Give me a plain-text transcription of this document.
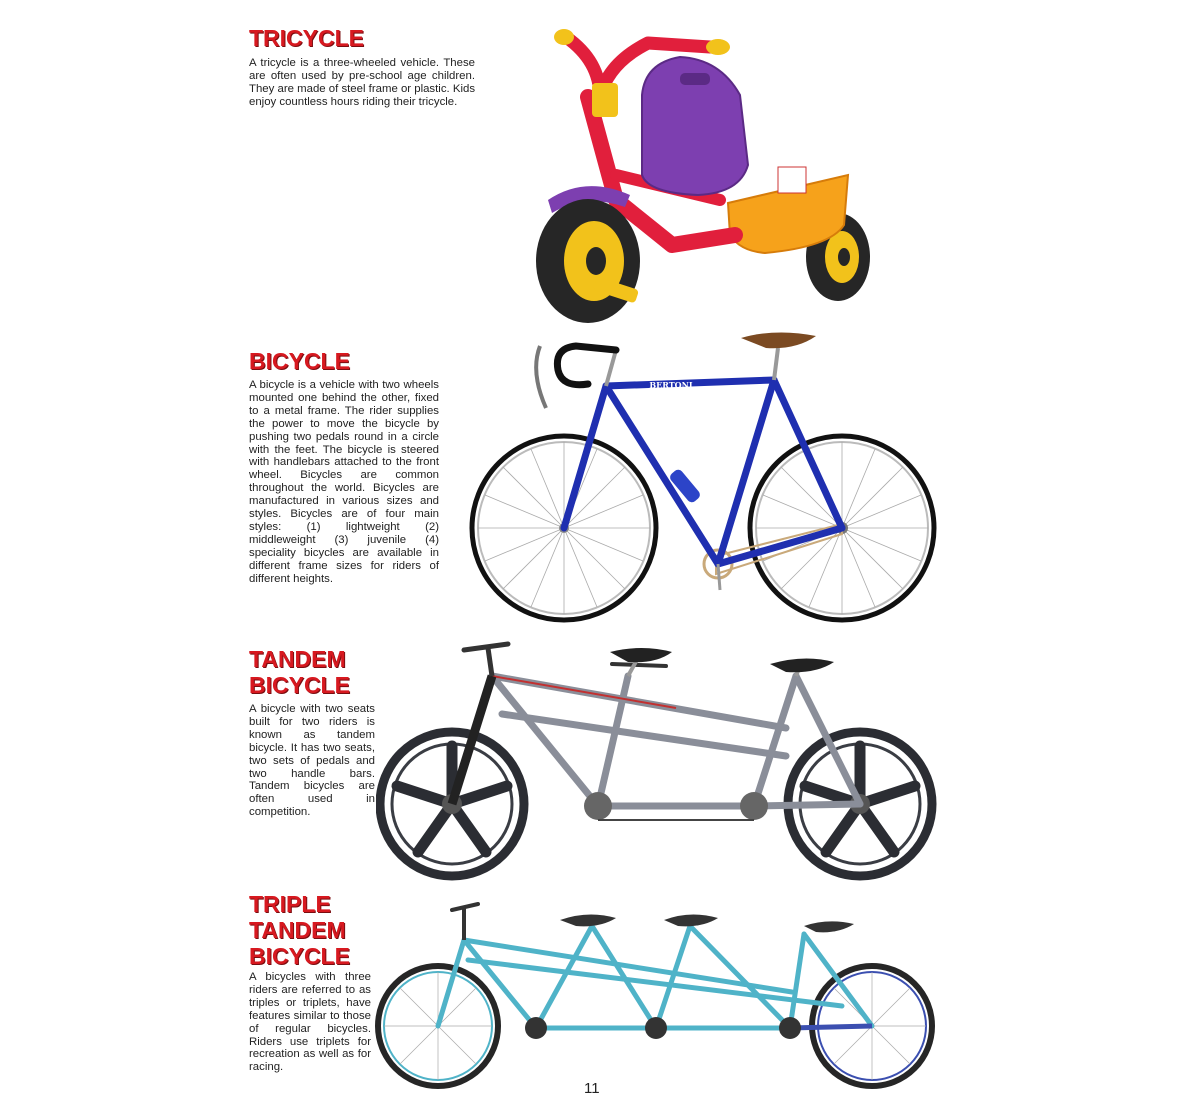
TRICYCLE

A tricycle is a three-wheeled vehicle. These are often used by pre-school age children. They are made of steel frame or plastic. Kids enjoy countless hours riding their tricycle.

BICYCLE

A bicycle is a vehicle with two wheels mounted one behind the other, fixed to a metal frame. The rider supplies the power to move the bicycle by pushing two pedals round in a circle with the feet. The bicycle is steered with handlebars attached to the front wheel. Bicycles are common throughout the world. Bicycles are manufactured in various sizes and styles. Bicycles are of four main styles: (1) lightweight (2) middleweight (3) juvenile (4) speciality bicycles are available in different frame sizes for riders of different heights.

BERTONI
TANDEM
BICYCLE

A bicycle with two seats built for two riders is known as tandem bicycle. It has two seats, two sets of pedals and two handle bars. Tandem bicycles are often used in competition.

TRIPLE
TANDEM
BICYCLE

A bicycles with three riders are referred to as triples or triplets, have features similar to those of regular bicycles. Riders use triplets for recreation as well as for racing.

11
